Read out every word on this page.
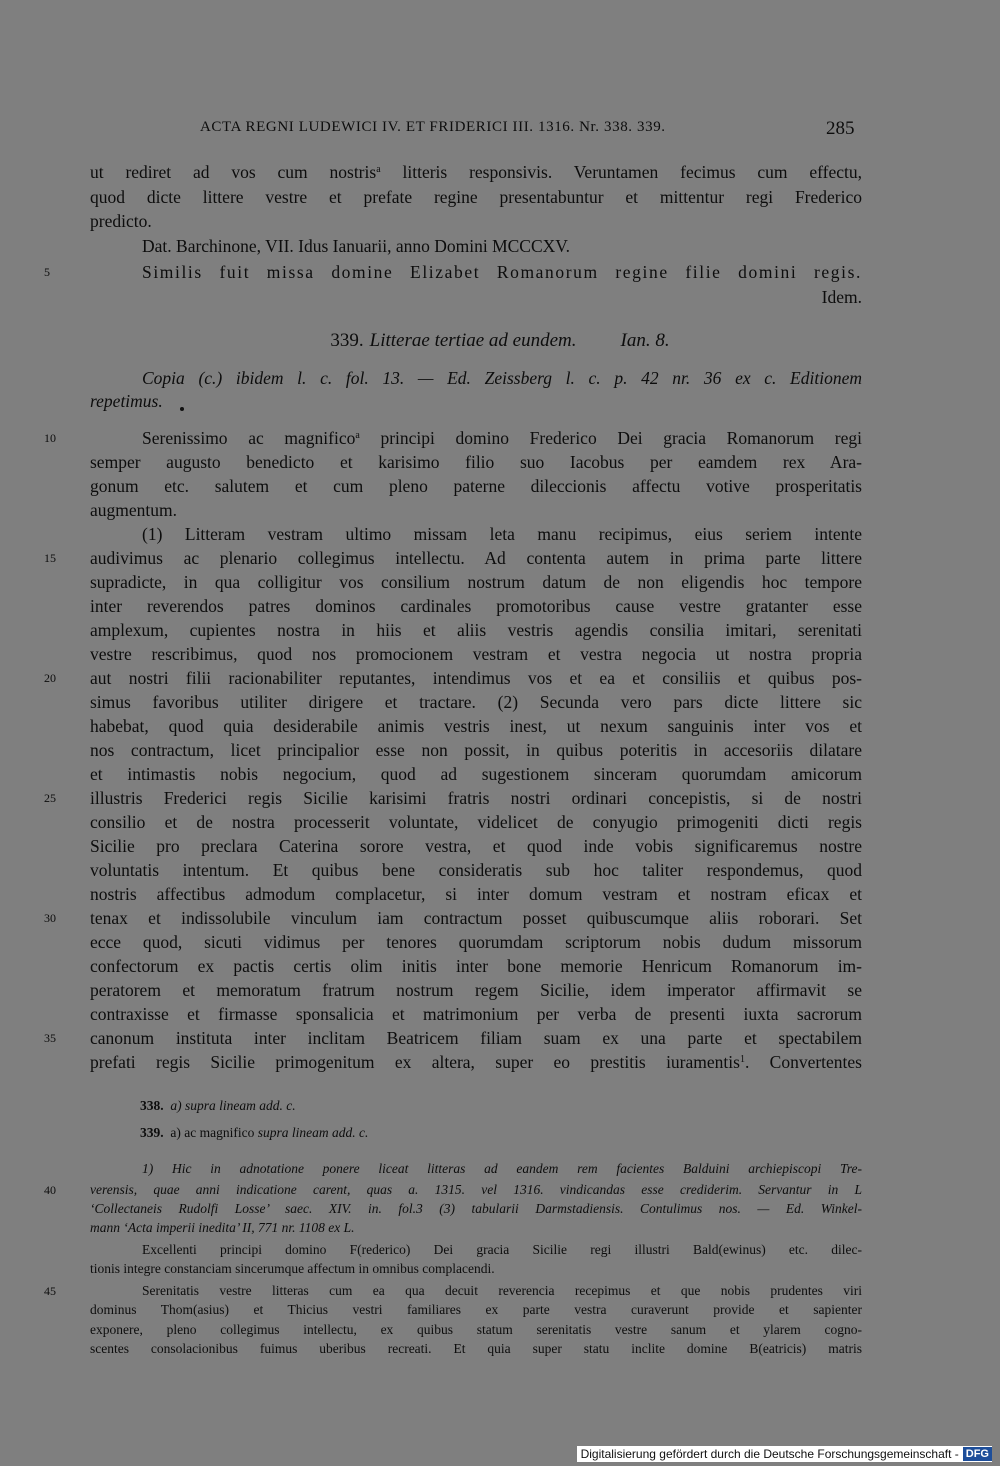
ACTA REGNI LUDEWICI IV. ET FRIDERICI III. 1316. Nr. 338. 339.	285
ut rediret ad vos cum nostris$^a$ litteris responsivis. Veruntamen fecimus cum effectu,
quod dicte littere vestre et prefate regine presentabuntur et mittentur regi Frederico
predicto.
Dat. Barchinone, VII. Idus Ianuarii, anno Domini MCCCXV.
5	Similis fuit missa domine Elizabet Romanorum regine filie domini regis.
Idem.
339. Litterae tertiae ad eundem. Ian. 8.
Copia (c.) ibidem l. c. fol. 13. — Ed. Zeissberg l. c. p. 42 nr. 36 ex c. Editionem
repetimus.
10	Serenissimo ac magnifico$^a$ principi domino Frederico Dei gracia Romanorum regi
semper augusto benedicto et karisimo filio suo Iacobus per eamdem rex Ara-
gonum etc. salutem et cum pleno paterne dileccionis affectu votive prosperitatis
augmentum.
(1) Litteram vestram ultimo missam leta manu recipimus, eius seriem intente
15	audivimus ac plenario collegimus intellectu. Ad contenta autem in prima parte littere
supradicte, in qua colligitur vos consilium nostrum datum de non eligendis hoc tempore
inter reverendos patres dominos cardinales promotoribus cause vestre gratanter esse
amplexum, cupientes nostra in hiis et aliis vestris agendis consilia imitari, serenitati
vestre rescribimus, quod nos promocionem vestram et vestra negocia ut nostra propria
20	aut nostri filii racionabiliter reputantes, intendimus vos et ea et consiliis et quibus pos-
simus favoribus utiliter dirigere et tractare. (2) Secunda vero pars dicte littere sic
habebat, quod quia desiderabile animis vestris inest, ut nexum sanguinis inter vos et
nos contractum, licet principalior esse non possit, in quibus poteritis in accesoriis dilatare
et intimastis nobis negocium, quod ad sugestionem sinceram quorumdam amicorum
25	illustris Frederici regis Sicilie karisimi fratris nostri ordinari concepistis, si de nostri
consilio et de nostra processerit voluntate, videlicet de conyugio primogeniti dicti regis
Sicilie pro preclara Caterina sorore vestra, et quod inde vobis significaremus nostre
voluntatis intentum. Et quibus bene consideratis sub hoc taliter respondemus, quod
nostris affectibus admodum complacetur, si inter domum vestram et nostram eficax et
30	tenax et indissolubile vinculum iam contractum posset quibuscumque aliis roborari. Set
ecce quod, sicuti vidimus per tenores quorumdam scriptorum nobis dudum missorum
confectorum ex pactis certis olim initis inter bone memorie Henricum Romanorum im-
peratorem et memoratum fratrum nostrum regem Sicilie, idem imperator affirmavit se
contraxisse et firmasse sponsalicia et matrimonium per verba de presenti iuxta sacrorum
35	canonum instituta inter inclitam Beatricem filiam suam ex una parte et spectabilem
prefati regis Sicilie primogenitum ex altera, super eo prestitis iuramentis$^1$. Convertentes
338. a) supra lineam add. c.
339. a) ac magnifico supra lineam add. c.
1) Hic in adnotatione ponere liceat litteras ad eandem rem facientes Balduini archiepiscopi Tre-
40	verensis, quae anni indicatione carent, quas a. 1315. vel 1316. vindicandas esse crediderim. Servantur in L
‘Collectaneis Rudolfi Losse’ saec. XIV. in. fol.3 (3) tabularii Darmstadiensis. Contulimus nos. — Ed. Winkel-
mann ‘Acta imperii inedita’ II, 771 nr. 1108 ex L.
Excellenti principi domino F(rederico) Dei gracia Sicilie regi illustri Bald(ewinus) etc. dilec-
tionis integre constanciam sincerumque affectum in omnibus complacendi.
45	Serenitatis vestre litteras cum ea qua decuit reverencia recepimus et que nobis prudentes viri
dominus Thom(asius) et Thicius vestri familiares ex parte vestra curaverunt provide et sapienter
exponere, pleno collegimus intellectu, ex quibus statum serenitatis vestre sanum et ylarem cogno-
scentes consolacionibus fuimus uberibus recreati. Et quia super statu inclite domine B(eatricis) matris
Digitalisierung gefördert durch die Deutsche Forschungsgemeinschaft - DFG
